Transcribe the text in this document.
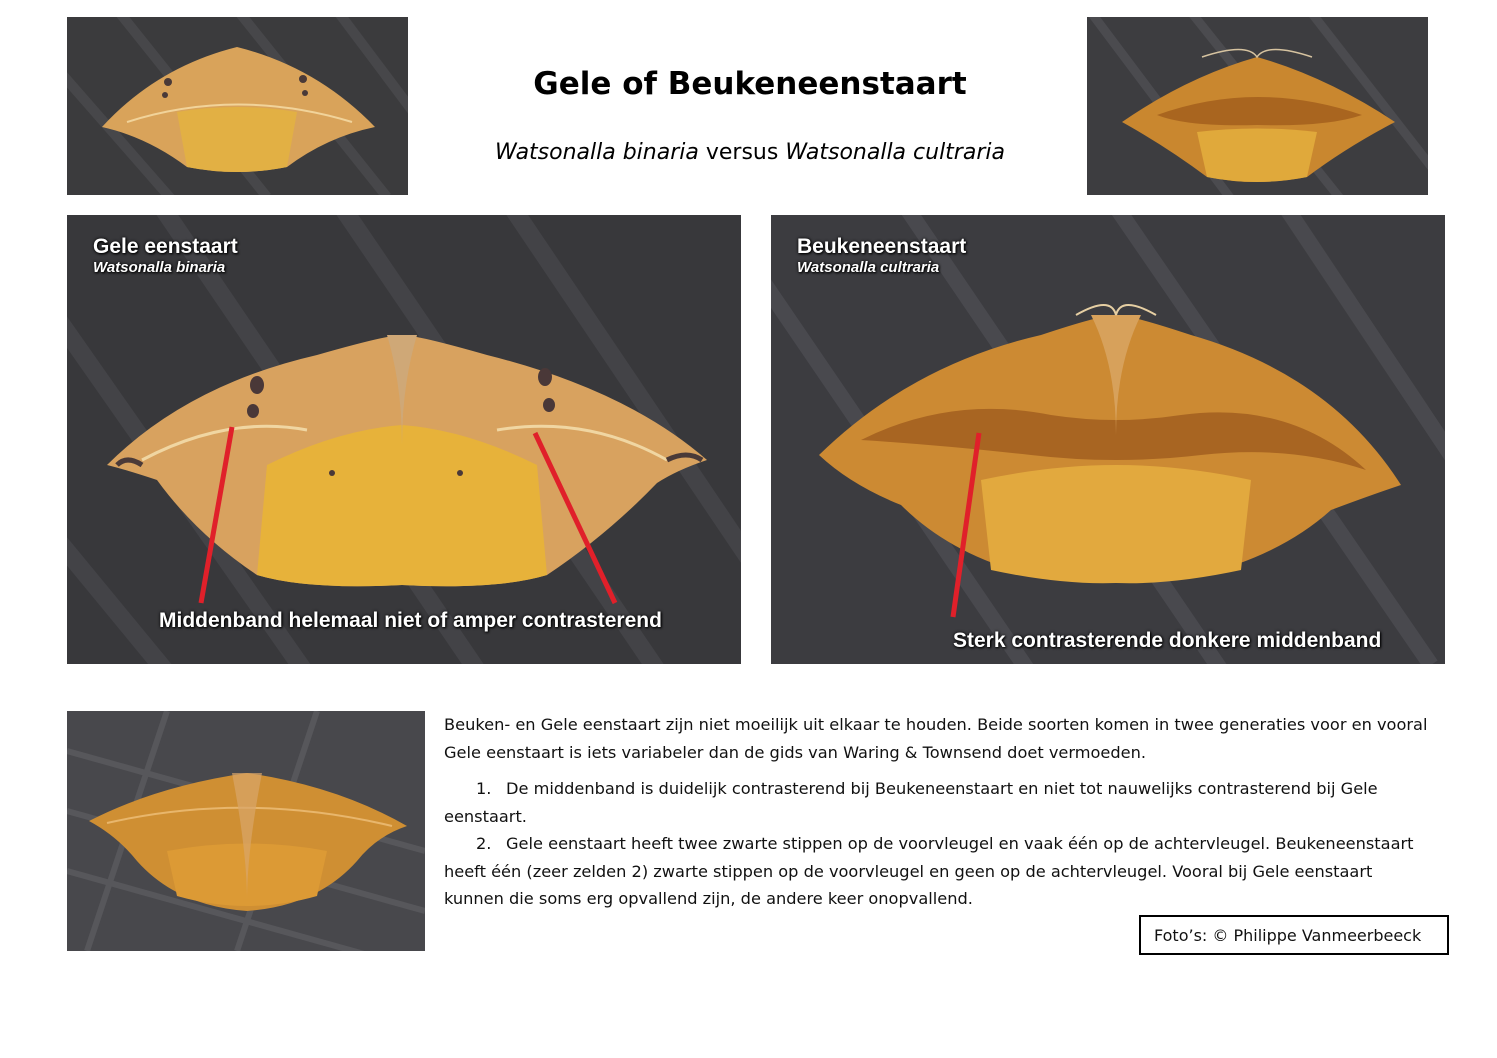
Gele of Beukeneenstaart
Watsonalla binaria versus Watsonalla cultraria
Gele eenstaart
Watsonalla binaria
Middenband helemaal niet of amper contrasterend
Beukeneenstaart
Watsonalla cultraria
Sterk contrasterende donkere middenband

Beuken- en Gele eenstaart zijn niet moeilijk uit elkaar te houden. Beide soorten komen in twee generaties voor en vooral Gele eenstaart is iets variabeler dan de gids van Waring & Townsend doet vermoeden.

1. De middenband is duidelijk contrasterend bij Beukeneenstaart en niet tot nauwelijks contrasterend bij Gele eenstaart.

2. Gele eenstaart heeft twee zwarte stippen op de voorvleugel en vaak één op de achtervleugel. Beukeneenstaart heeft één (zeer zelden 2) zwarte stippen op de voorvleugel en geen op de achtervleugel. Vooral bij Gele eenstaart kunnen die soms erg opvallend zijn, de andere keer onopvallend.

Foto’s: © Philippe Vanmeerbeeck
